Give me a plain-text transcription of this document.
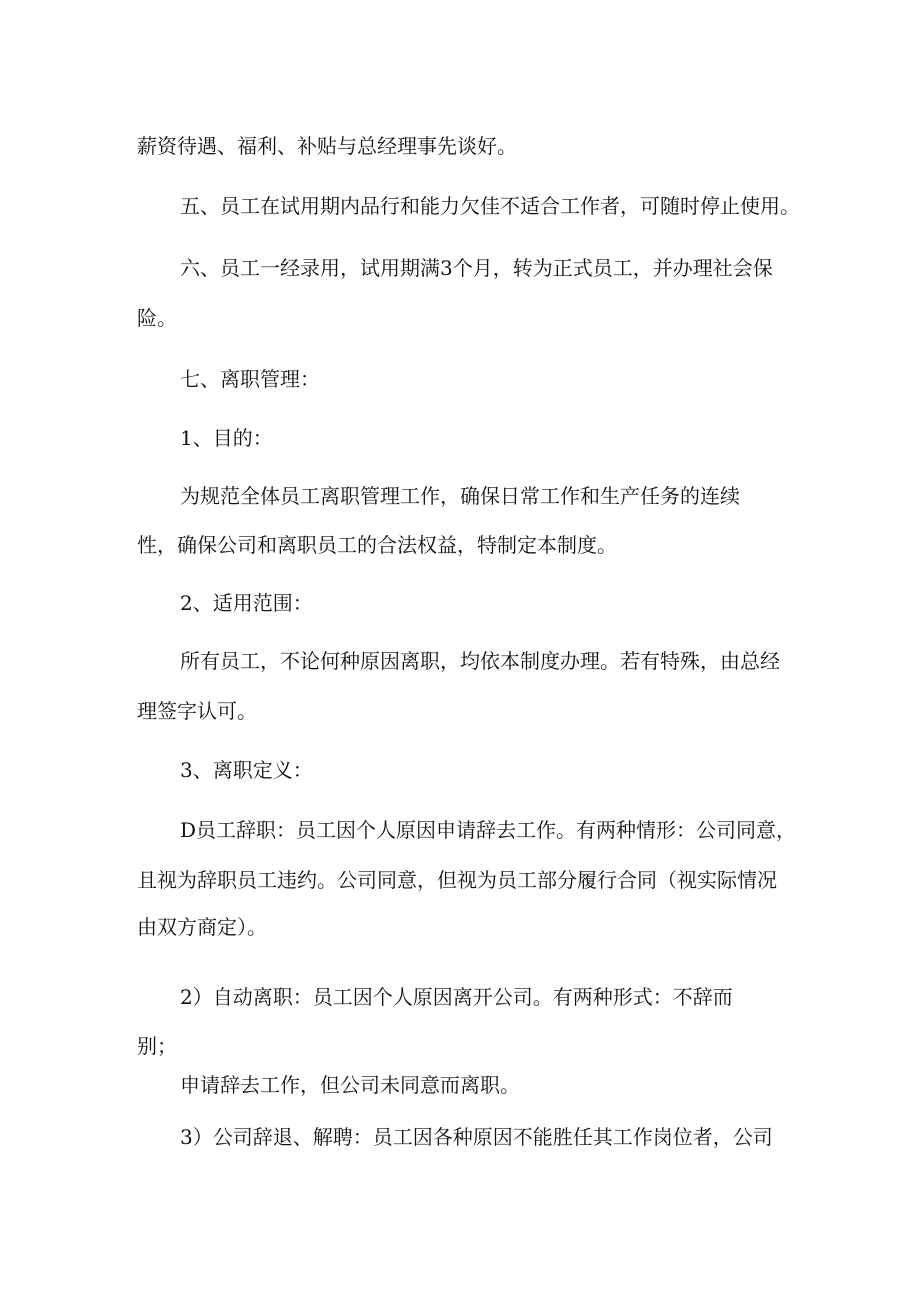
薪资待遇、福利、补贴与总经理事先谈好。
五、员工在试用期内品行和能力欠佳不适合工作者，可随时停止使用。
六、员工一经录用，试用期满3个月，转为正式员工，并办理社会保
险。
七、离职管理：
1、目的：
为规范全体员工离职管理工作，确保日常工作和生产任务的连续
性，确保公司和离职员工的合法权益，特制定本制度。
2、适用范围：
所有员工，不论何种原因离职，均依本制度办理。若有特殊，由总经
理签字认可。
3、离职定义：
D员工辞职：员工因个人原因申请辞去工作。有两种情形：公司同意，
且视为辞职员工违约。公司同意，但视为员工部分履行合同（视实际情况
由双方商定）。
2）自动离职：员工因个人原因离开公司。有两种形式：不辞而
别；
申请辞去工作，但公司未同意而离职。
3）公司辞退、解聘：员工因各种原因不能胜任其工作岗位者，公司
